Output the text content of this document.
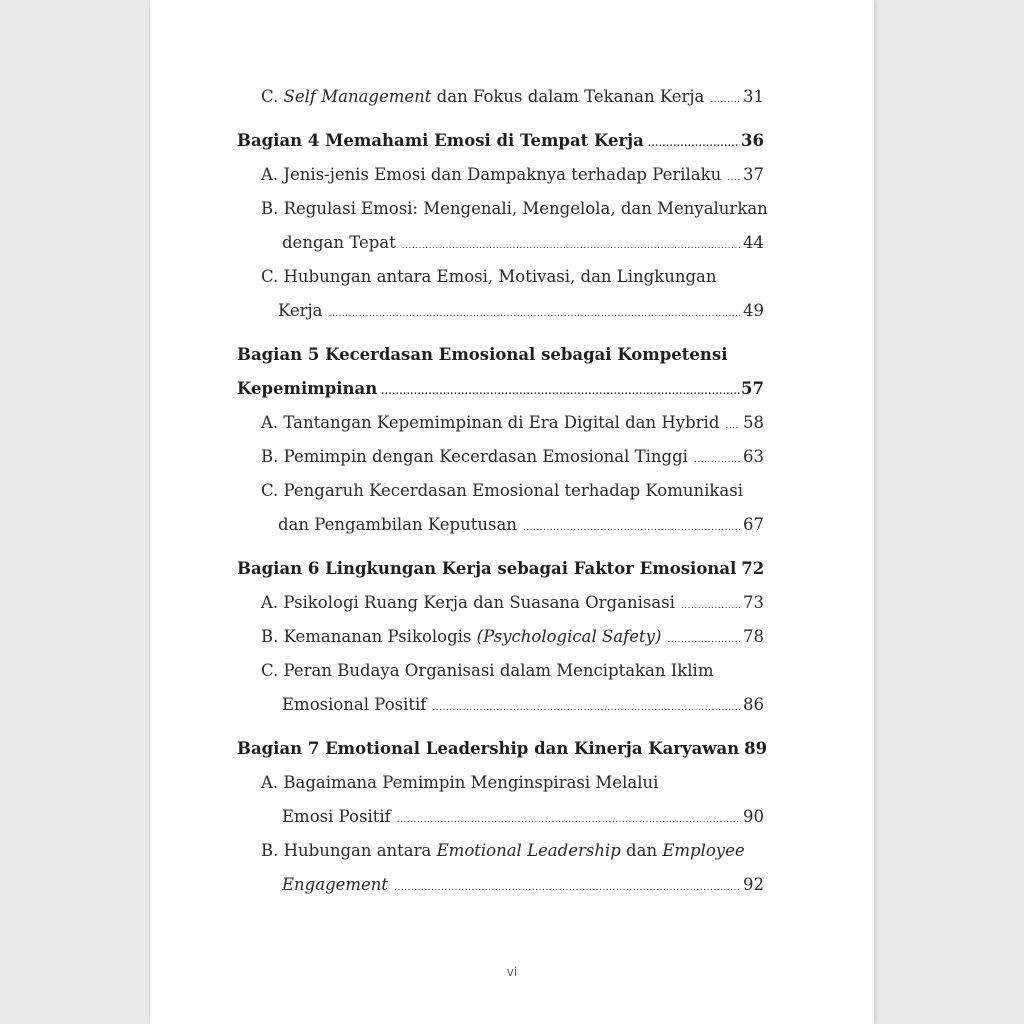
C. Self Management dan Fokus dalam Tekanan Kerja ..... 31
Bagian 4 Memahami Emosi di Tempat Kerja .....	36
A. Jenis-jenis Emosi dan Dampaknya terhadap Perilaku ..... 37
B. Regulasi Emosi: Mengenali, Mengelola, dan Menyalurkan
dengan Tepat .....	44
C. Hubungan antara Emosi, Motivasi, dan Lingkungan
Kerja .....	49
Bagian 5 Kecerdasan Emosional sebagai Kompetensi
Kepemimpinan .....	57
A. Tantangan Kepemimpinan di Era Digital dan Hybrid ..... 58
B. Pemimpin dengan Kecerdasan Emosional Tinggi .....	63
C. Pengaruh Kecerdasan Emosional terhadap Komunikasi
dan Pengambilan Keputusan .....	67
Bagian 6 Lingkungan Kerja sebagai Faktor Emosional 72
A. Psikologi Ruang Kerja dan Suasana Organisasi .....	73
B. Kemananan Psikologis (Psychological Safety) .....	78
C. Peran Budaya Organisasi dalam Menciptakan Iklim
Emosional Positif .....	86
Bagian 7 Emotional Leadership dan Kinerja Karyawan 89
A. Bagaimana Pemimpin Menginspirasi Melalui
Emosi Positif .....	90
B. Hubungan antara Emotional Leadership dan Employee
Engagement .....	92
vi
